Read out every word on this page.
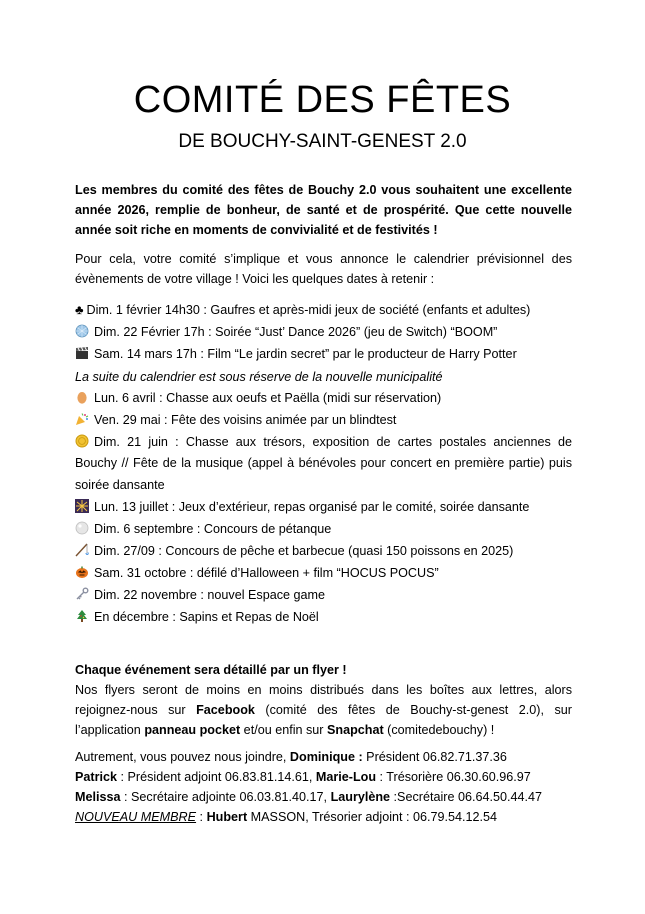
COMITÉ DES FÊTES
DE BOUCHY-SAINT-GENEST 2.0
Les membres du comité des fêtes de Bouchy 2.0 vous souhaitent une excellente année 2026, remplie de bonheur, de santé et de prospérité. Que cette nouvelle année soit riche en moments de convivialité et de festivités !
Pour cela, votre comité s’implique et vous annonce le calendrier prévisionnel des évènements de votre village ! Voici les quelques dates à retenir :
♣ Dim. 1 février 14h30 : Gaufres et après-midi jeux de société (enfants et adultes)
Dim. 22 Février 17h : Soirée “Just’ Dance 2026” (jeu de Switch) “BOOM”
Sam. 14 mars 17h : Film “Le jardin secret” par le producteur de Harry Potter
La suite du calendrier est sous réserve de la nouvelle municipalité
Lun. 6 avril : Chasse aux oeufs et Paëlla (midi sur réservation)
Ven. 29 mai : Fête des voisins animée par un blindtest
Dim. 21 juin : Chasse aux trésors, exposition de cartes postales anciennes de Bouchy // Fête de la musique (appel à bénévoles pour concert en première partie) puis soirée dansante
Lun. 13 juillet : Jeux d’extérieur, repas organisé par le comité, soirée dansante
Dim. 6 septembre : Concours de pétanque
Dim. 27/09 : Concours de pêche et barbecue (quasi 150 poissons en 2025)
Sam. 31 octobre : défilé d’Halloween + film “HOCUS POCUS”
Dim. 22 novembre : nouvel Espace game
En décembre : Sapins et Repas de Noël
Chaque événement sera détaillé par un flyer !
Nos flyers seront de moins en moins distribués dans les boîtes aux lettres, alors rejoignez-nous sur Facebook (comité des fêtes de Bouchy-st-genest 2.0), sur l’application panneau pocket et/ou enfin sur Snapchat (comitedebouchy) !
Autrement, vous pouvez nous joindre, Dominique : Président 06.82.71.37.36
Patrick : Président adjoint 06.83.81.14.61, Marie-Lou : Trésorière 06.30.60.96.97
Melissa : Secrétaire adjointe 06.03.81.40.17, Laurylène :Secrétaire 06.64.50.44.47
NOUVEAU MEMBRE : Hubert MASSON, Trésorier adjoint : 06.79.54.12.54
